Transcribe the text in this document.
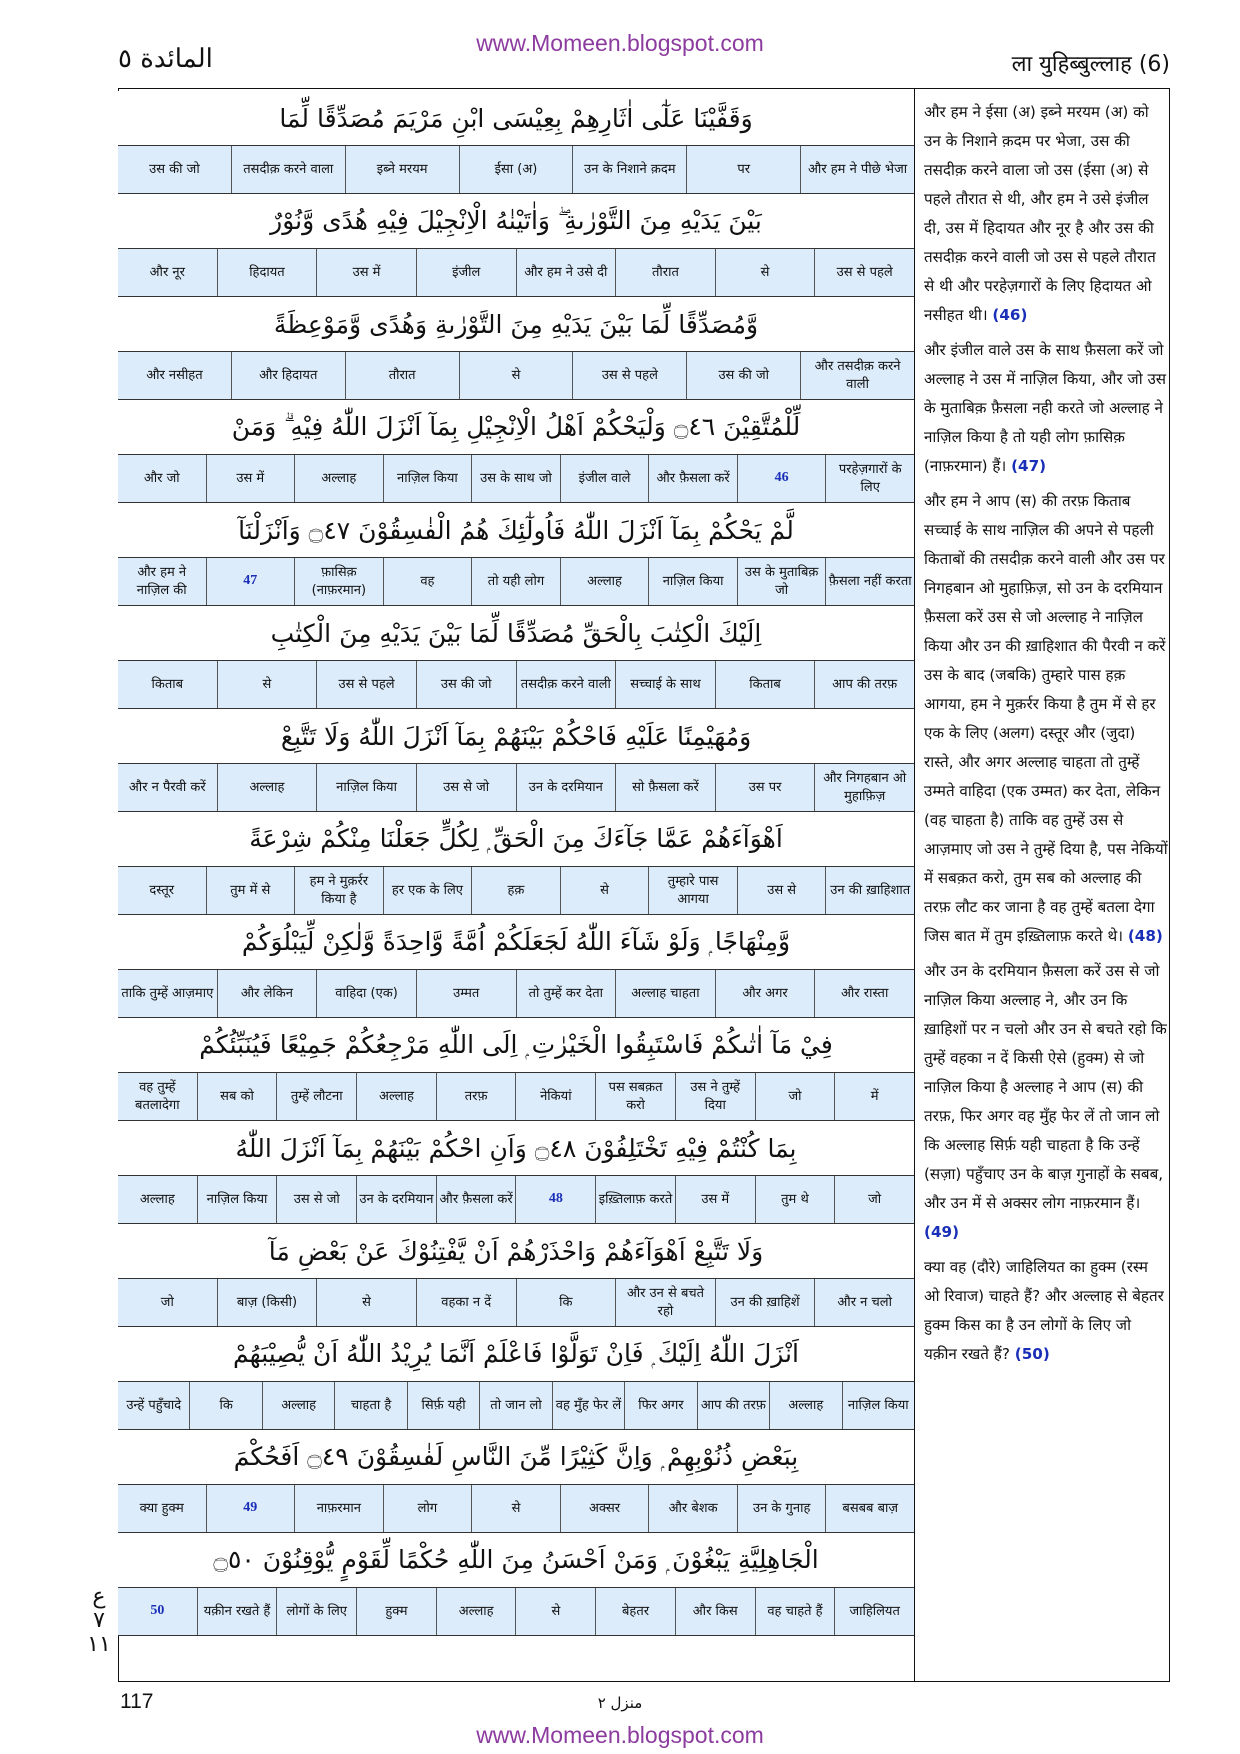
www.Momeen.blogspot.com
المائدة ٥	ला युहिब्बुल्लाह (6)
وَقَفَّيْنَا عَلٰٓى اٰثَارِهِمْ بِعِيْسَى ابْنِ مَرْيَمَ مُصَدِّقًا لِّمَا
और हम ने पीछे भेजा
पर
उन के निशाने क़दम
ईसा (अ)
इब्ने मरयम
तसदीक़ करने वाला
उस की जो
بَيْنَ يَدَيْهِ مِنَ التَّوْرٰىةِ ۖ وَاٰتَيْنٰهُ الْاِنْجِيْلَ فِيْهِ هُدًى وَّنُوْرٌ
उस से पहले
से
तौरात
और हम ने उसे दी
इंजील
उस में
हिदायत
और नूर
وَّمُصَدِّقًا لِّمَا بَيْنَ يَدَيْهِ مِنَ التَّوْرٰىةِ وَهُدًى وَّمَوْعِظَةً
और तसदीक़ करने वाली
उस की जो
उस से पहले
से
तौरात
और हिदायत
और नसीहत
لِّلْمُتَّقِيْنَ ۝٤٦ وَلْيَحْكُمْ اَهْلُ الْاِنْجِيْلِ بِمَآ اَنْزَلَ اللّٰهُ فِيْهِ ۗ وَمَنْ
परहेज़गारों के लिए
46
और फ़ैसला करें
इंजील वाले
उस के साथ जो
नाज़िल किया
अल्लाह
उस में
और जो
لَّمْ يَحْكُمْ بِمَآ اَنْزَلَ اللّٰهُ فَاُولٰٓئِكَ هُمُ الْفٰسِقُوْنَ ۝٤٧ وَاَنْزَلْنَآ
फ़ैसला नहीं करता
उस के मुताबिक़ जो
नाज़िल किया
अल्लाह
तो यही लोग
वह
फ़ासिक़ (नाफ़रमान)
47
और हम ने नाज़िल की
اِلَيْكَ الْكِتٰبَ بِالْحَقِّ مُصَدِّقًا لِّمَا بَيْنَ يَدَيْهِ مِنَ الْكِتٰبِ
आप की तरफ़
किताब
सच्चाई के साथ
तसदीक़ करने वाली
उस की जो
उस से पहले
से
किताब
وَمُهَيْمِنًا عَلَيْهِ فَاحْكُمْ بَيْنَهُمْ بِمَآ اَنْزَلَ اللّٰهُ وَلَا تَتَّبِعْ
और निगहबान ओ मुहाफ़िज़
उस पर
सो फ़ैसला करें
उन के दरमियान
उस से जो
नाज़िल किया
अल्लाह
और न पैरवी करें
اَهْوَآءَهُمْ عَمَّا جَآءَكَ مِنَ الْحَقِّ ۭ لِكُلٍّ جَعَلْنَا مِنْكُمْ شِرْعَةً
उन की ख़ाहिशात
उस से
तुम्हारे पास आगया
से
हक़
हर एक के लिए
हम ने मुक़र्रर किया है
तुम में से
दस्तूर
وَّمِنْهَاجًا ۭ وَلَوْ شَآءَ اللّٰهُ لَجَعَلَكُمْ اُمَّةً وَّاحِدَةً وَّلٰكِنْ لِّيَبْلُوَكُمْ
और रास्ता
और अगर
अल्लाह चाहता
तो तुम्हें कर देता
उम्मत
वाहिदा (एक)
और लेकिन
ताकि तुम्हें आज़माए
فِيْ مَآ اٰتٰىكُمْ فَاسْتَبِقُوا الْخَيْرٰتِ ۭ اِلَى اللّٰهِ مَرْجِعُكُمْ جَمِيْعًا فَيُنَبِّئُكُمْ
में
जो
उस ने तुम्हें दिया
पस सबक़त करो
नेकियां
तरफ़
अल्लाह
तुम्हें लौटना
सब को
वह तुम्हें बतलादेगा
بِمَا كُنْتُمْ فِيْهِ تَخْتَلِفُوْنَ ۝٤٨ وَاَنِ احْكُمْ بَيْنَهُمْ بِمَآ اَنْزَلَ اللّٰهُ
जो
तुम थे
उस में
इख़्तिलाफ़ करते
48
और फ़ैसला करें
उन के दरमियान
उस से जो
नाज़िल किया
अल्लाह
وَلَا تَتَّبِعْ اَهْوَآءَهُمْ وَاحْذَرْهُمْ اَنْ يَّفْتِنُوْكَ عَنْ بَعْضِ مَآ
और न चलो
उन की ख़ाहिशें
और उन से बचते रहो
कि
वहका न दें
से
बाज़ (किसी)
जो
اَنْزَلَ اللّٰهُ اِلَيْكَ ۭ فَاِنْ تَوَلَّوْا فَاعْلَمْ اَنَّمَا يُرِيْدُ اللّٰهُ اَنْ يُّصِيْبَهُمْ
नाज़िल किया
अल्लाह
आप की तरफ़
फिर अगर
वह मुँह फेर लें
तो जान लो
सिर्फ़ यही
चाहता है
अल्लाह
कि
उन्हें पहुँचादे
بِبَعْضِ ذُنُوْبِهِمْ ۭ وَاِنَّ كَثِيْرًا مِّنَ النَّاسِ لَفٰسِقُوْنَ ۝٤٩ اَفَحُكْمَ
बसबब बाज़
उन के गुनाह
और बेशक
अक्सर
से
लोग
नाफ़रमान
49
क्या हुक्म
الْجَاهِلِيَّةِ يَبْغُوْنَ ۭ وَمَنْ اَحْسَنُ مِنَ اللّٰهِ حُكْمًا لِّقَوْمٍ يُّوْقِنُوْنَ ۝٥٠
जाहिलियत
वह चाहते हैं
और किस
बेहतर
से
अल्लाह
हुक्म
लोगों के लिए
यक़ीन रखते हैं
50

और हम ने ईसा (अ) इब्ने मरयम (अ) को उन के निशाने क़दम पर भेजा, उस की तसदीक़ करने वाला जो उस (ईसा (अ) से पहले तौरात से थी, और हम ने उसे इंजील दी, उस में हिदायत और नूर है और उस की तसदीक़ करने वाली जो उस से पहले तौरात से थी और परहेज़गारों के लिए हिदायत ओ नसीहत थी। (46)

और इंजील वाले उस के साथ फ़ैसला करें जो अल्लाह ने उस में नाज़िल किया, और जो उस के मुताबिक़ फ़ैसला नही करते जो अल्लाह ने नाज़िल किया है तो यही लोग फ़ासिक़ (नाफ़रमान) हैं। (47)

और हम ने आप (स) की तरफ़ किताब सच्चाई के साथ नाज़िल की अपने से पहली किताबों की तसदीक़ करने वाली और उस पर निगहबान ओ मुहाफ़िज़, सो उन के दरमियान फ़ैसला करें उस से जो अल्लाह ने नाज़िल किया और उन की ख़ाहिशात की पैरवी न करें उस के बाद (जबकि) तुम्हारे पास हक़ आगया, हम ने मुक़र्रर किया है तुम में से हर एक के लिए (अलग) दस्तूर और (जुदा) रास्ते, और अगर अल्लाह चाहता तो तुम्हें उम्मते वाहिदा (एक उम्मत) कर देता, लेकिन (वह चाहता है) ताकि वह तुम्हें उस से आज़माए जो उस ने तुम्हें दिया है, पस नेकियों में सबक़त करो, तुम सब को अल्लाह की तरफ़ लौट कर जाना है वह तुम्हें बतला देगा जिस बात में तुम इख़्तिलाफ़ करते थे। (48)

और उन के दरमियान फ़ैसला करें उस से जो नाज़िल किया अल्लाह ने, और उन कि ख़ाहिशों पर न चलो और उन से बचते रहो कि तुम्हें वहका न दें किसी ऐसे (हुक्म) से जो नाज़िल किया है अल्लाह ने आप (स) की तरफ़, फिर अगर वह मुँह फेर लें तो जान लो कि अल्लाह सिर्फ़ यही चाहता है कि उन्हें (सज़ा) पहुँचाए उन के बाज़ गुनाहों के सबब, और उन में से अक्सर लोग नाफ़रमान हैं। (49)

क्या वह (दौरे) जाहिलियत का हुक्म (रस्म ओ रिवाज) चाहते हैं? और अल्लाह से बेहतर हुक्म किस का है उन लोगों के लिए जो यक़ीन रखते हैं? (50)

ع ٧ ١١
117	منزل ٢
www.Momeen.blogspot.com
